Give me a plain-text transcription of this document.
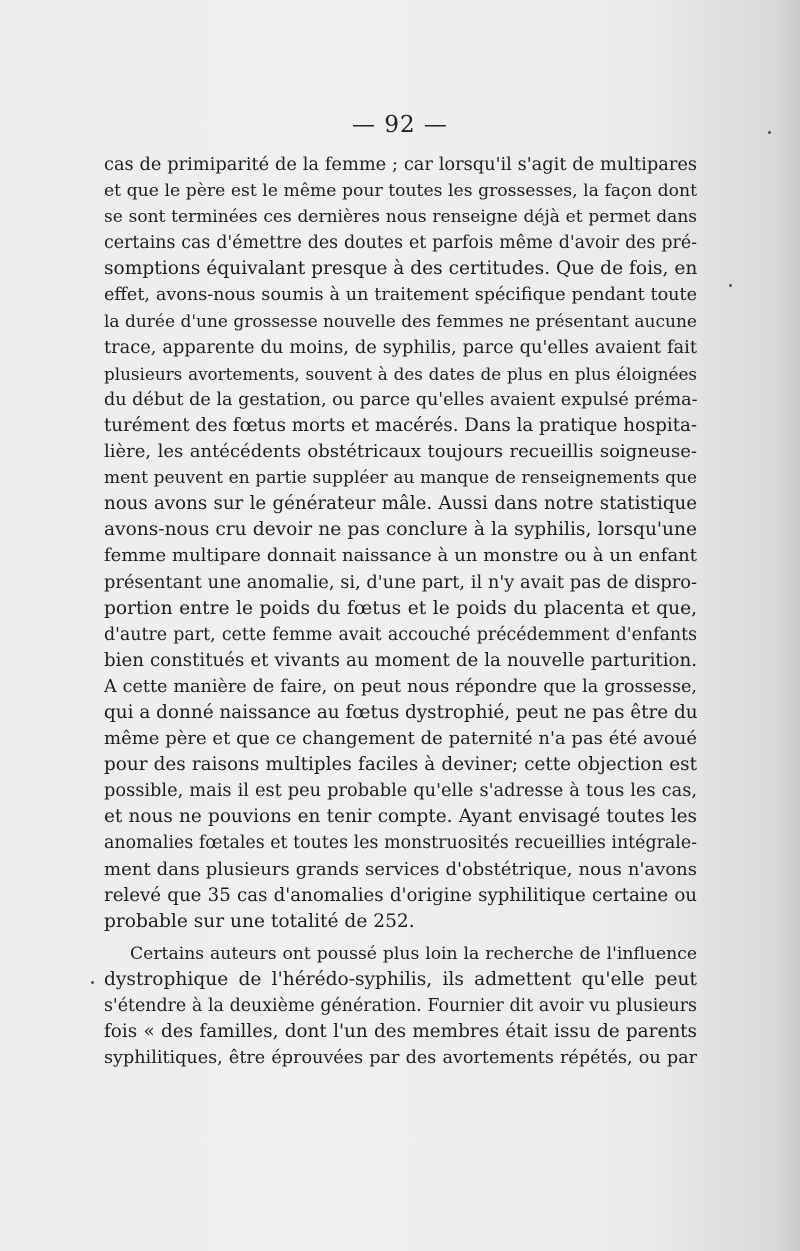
— 92 —
cas de primiparité de la femme ; car lorsqu'il s'agit de multipares
et que le père est le même pour toutes les grossesses, la façon dont
se sont terminées ces dernières nous renseigne déjà et permet dans
certains cas d'émettre des doutes et parfois même d'avoir des pré-
somptions équivalant presque à des certitudes. Que de fois, en
effet, avons-nous soumis à un traitement spécifique pendant toute
la durée d'une grossesse nouvelle des femmes ne présentant aucune
trace, apparente du moins, de syphilis, parce qu'elles avaient fait
plusieurs avortements, souvent à des dates de plus en plus éloignées
du début de la gestation, ou parce qu'elles avaient expulsé préma-
turément des fœtus morts et macérés. Dans la pratique hospita-
lière, les antécédents obstétricaux toujours recueillis soigneuse-
ment peuvent en partie suppléer au manque de renseignements que
nous avons sur le générateur mâle. Aussi dans notre statistique
avons-nous cru devoir ne pas conclure à la syphilis, lorsqu'une
femme multipare donnait naissance à un monstre ou à un enfant
présentant une anomalie, si, d'une part, il n'y avait pas de dispro-
portion entre le poids du fœtus et le poids du placenta et que,
d'autre part, cette femme avait accouché précédemment d'enfants
bien constitués et vivants au moment de la nouvelle parturition.
A cette manière de faire, on peut nous répondre que la grossesse,
qui a donné naissance au fœtus dystrophié, peut ne pas être du
même père et que ce changement de paternité n'a pas été avoué
pour des raisons multiples faciles à deviner; cette objection est
possible, mais il est peu probable qu'elle s'adresse à tous les cas,
et nous ne pouvions en tenir compte. Ayant envisagé toutes les
anomalies fœtales et toutes les monstruosités recueillies intégrale-
ment dans plusieurs grands services d'obstétrique, nous n'avons
relevé que 35 cas d'anomalies d'origine syphilitique certaine ou
probable sur une totalité de 252.
Certains auteurs ont poussé plus loin la recherche de l'influence
dystrophique de l'hérédo-syphilis, ils admettent qu'elle peut
s'étendre à la deuxième génération. Fournier dit avoir vu plusieurs
fois « des familles, dont l'un des membres était issu de parents
syphilitiques, être éprouvées par des avortements répétés, ou par
